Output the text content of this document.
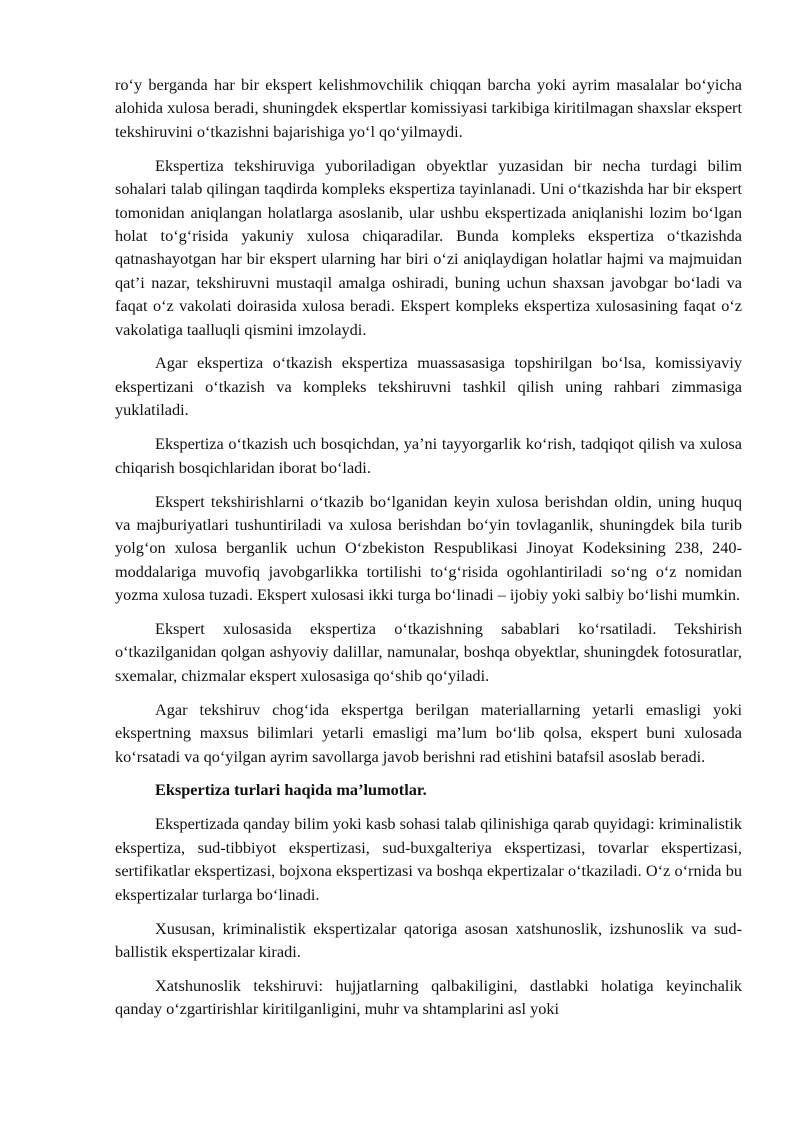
ro‘y berganda har bir ekspert kelishmovchilik chiqqan barcha yoki ayrim masalalar bo‘yicha alohida xulosa beradi, shuningdek ekspertlar komissiyasi tarkibiga kiritilmagan shaxslar ekspert tekshiruvini o‘tkazishni bajarishiga yo‘l qo‘yilmaydi.

Ekspertiza tekshiruviga yuboriladigan obyektlar yuzasidan bir necha turdagi bilim sohalari talab qilingan taqdirda kompleks ekspertiza tayinlanadi. Uni o‘tkazishda har bir ekspert tomonidan aniqlangan holatlarga asoslanib, ular ushbu ekspertizada aniqlanishi lozim bo‘lgan holat to‘g‘risida yakuniy xulosa chiqaradilar. Bunda kompleks ekspertiza o‘tkazishda qatnashayotgan har bir ekspert ularning har biri o‘zi aniqlaydigan holatlar hajmi va majmuidan qat’i nazar, tekshiruvni mustaqil amalga oshiradi, buning uchun shaxsan javobgar bo‘ladi va faqat o‘z vakolati doirasida xulosa beradi. Ekspert kompleks ekspertiza xulosasining faqat o‘z vakolatiga taalluqli qismini imzolaydi.

Agar ekspertiza o‘tkazish ekspertiza muassasasiga topshirilgan bo‘lsa, komissiyaviy ekspertizani o‘tkazish va kompleks tekshiruvni tashkil qilish uning rahbari zimmasiga yuklatiladi.

Ekspertiza o‘tkazish uch bosqichdan, ya’ni tayyorgarlik ko‘rish, tadqiqot qilish va xulosa chiqarish bosqichlaridan iborat bo‘ladi.

Ekspert tekshirishlarni o‘tkazib bo‘lganidan keyin xulosa berishdan oldin, uning huquq va majburiyatlari tushuntiriladi va xulosa berishdan bo‘yin tovlaganlik, shuningdek bila turib yolg‘on xulosa berganlik uchun O‘zbekiston Respublikasi Jinoyat Kodeksining 238, 240-moddalariga muvofiq javobgarlikka tortilishi to‘g‘risida ogohlantiriladi so‘ng o‘z nomidan yozma xulosa tuzadi. Ekspert xulosasi ikki turga bo‘linadi – ijobiy yoki salbiy bo‘lishi mumkin.

Ekspert xulosasida ekspertiza o‘tkazishning sabablari ko‘rsatiladi. Tekshirish o‘tkazilganidan qolgan ashyoviy dalillar, namunalar, boshqa obyektlar, shuningdek fotosuratlar, sxemalar, chizmalar ekspert xulosasiga qo‘shib qo‘yiladi.

Agar tekshiruv chog‘ida ekspertga berilgan materiallarning yetarli emasligi yoki ekspertning maxsus bilimlari yetarli emasligi ma’lum bo‘lib qolsa, ekspert buni xulosada ko‘rsatadi va qo‘yilgan ayrim savollarga javob berishni rad etishini batafsil asoslab beradi.

Ekspertiza turlari haqida ma’lumotlar.

Ekspertizada qanday bilim yoki kasb sohasi talab qilinishiga qarab quyidagi: kriminalistik ekspertiza, sud-tibbiyot ekspertizasi, sud-buxgalteriya ekspertizasi, tovarlar ekspertizasi, sertifikatlar ekspertizasi, bojxona ekspertizasi va boshqa ekpertizalar o‘tkaziladi. O‘z o‘rnida bu ekspertizalar turlarga bo‘linadi.

Xususan, kriminalistik ekspertizalar qatoriga asosan xatshunoslik, izshunoslik va sud-ballistik ekspertizalar kiradi.

Xatshunoslik tekshiruvi: hujjatlarning qalbakiligini, dastlabki holatiga keyinchalik qanday o‘zgartirishlar kiritilganligini, muhr va shtamplarini asl yoki
